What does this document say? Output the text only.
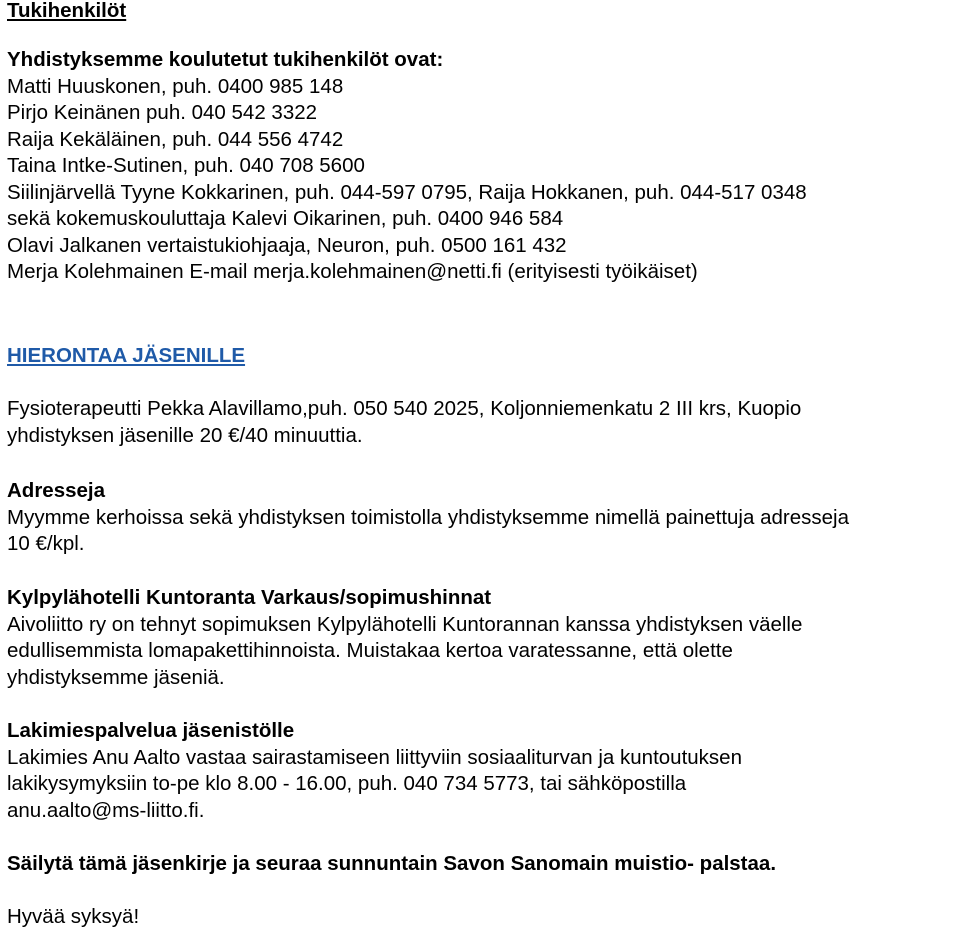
Tukihenkilöt

Yhdistyksemme koulutetut tukihenkilöt ovat:

Matti Huuskonen, puh. 0400 985 148

Pirjo Keinänen puh. 040 542 3322

Raija Kekäläinen, puh. 044 556 4742

Taina Intke-Sutinen, puh. 040 708 5600

Siilinjärvellä Tyyne Kokkarinen, puh. 044-597 0795, Raija Hokkanen, puh. 044-517 0348

sekä kokemuskouluttaja Kalevi Oikarinen, puh. 0400 946 584

Olavi Jalkanen vertaistukiohjaaja, Neuron, puh. 0500 161 432

Merja Kolehmainen E-mail merja.kolehmainen@netti.fi (erityisesti työikäiset)

HIERONTAA JÄSENILLE

Fysioterapeutti Pekka Alavillamo,puh. 050 540 2025, Koljonniemenkatu 2 III krs, Kuopio

yhdistyksen jäsenille 20 €/40 minuuttia.

Adresseja

Myymme kerhoissa sekä yhdistyksen toimistolla yhdistyksemme nimellä painettuja adresseja

10 €/kpl.

Kylpylähotelli Kuntoranta Varkaus/sopimushinnat

Aivoliitto ry on tehnyt sopimuksen Kylpylähotelli Kuntorannan kanssa yhdistyksen väelle

edullisemmista lomapakettihinnoista. Muistakaa kertoa varatessanne, että olette

yhdistyksemme jäseniä.

Lakimiespalvelua jäsenistölle

Lakimies Anu Aalto vastaa sairastamiseen liittyviin sosiaaliturvan ja kuntoutuksen

lakikysymyksiin to-pe klo 8.00 - 16.00, puh. 040 734 5773, tai sähköpostilla

anu.aalto@ms-liitto.fi.

Säilytä tämä jäsenkirje ja seuraa sunnuntain Savon Sanomain muistio- palstaa.

Hyvää syksyä!
